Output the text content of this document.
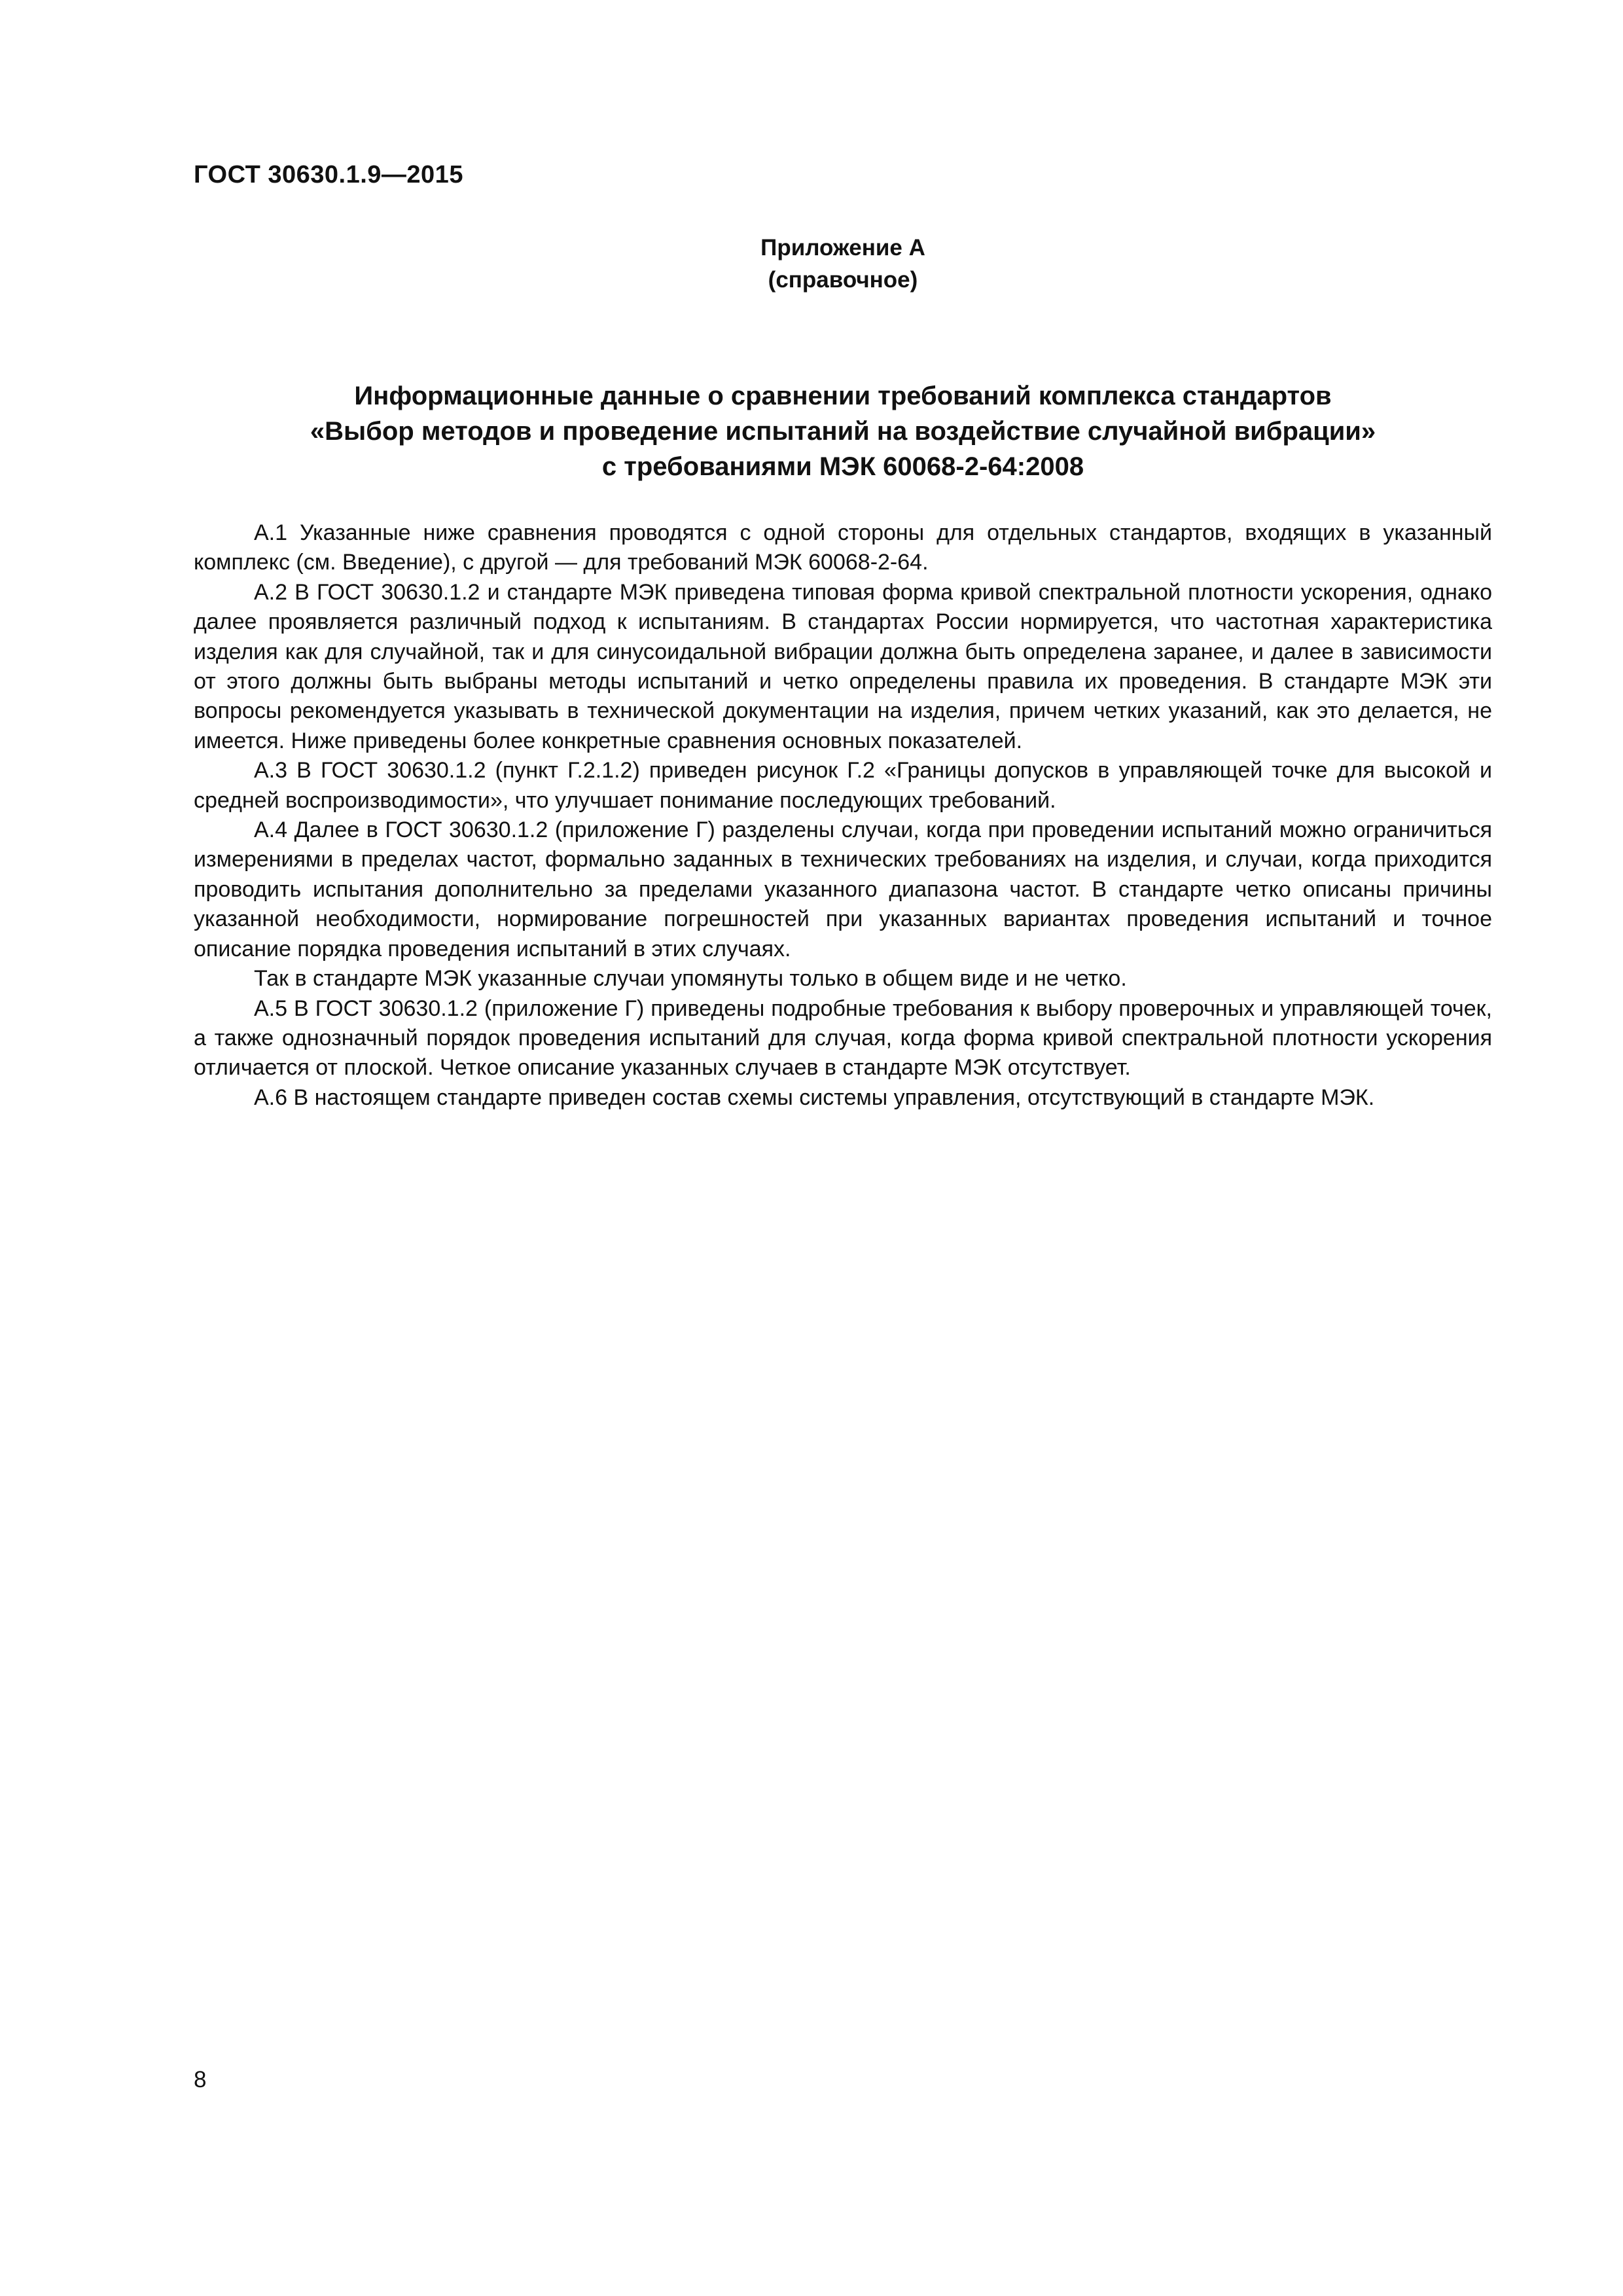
ГОСТ 30630.1.9—2015
Приложение А
(справочное)
Информационные данные о сравнении требований комплекса стандартов
«Выбор методов и проведение испытаний на воздействие случайной вибрации»
с требованиями МЭК 60068-2-64:2008

А.1 Указанные ниже сравнения проводятся с одной стороны для отдельных стандартов, входящих в указанный комплекс (см. Введение), с другой — для требований МЭК 60068-2-64.

А.2 В ГОСТ 30630.1.2 и стандарте МЭК приведена типовая форма кривой спектральной плотности ускорения, однако далее проявляется различный подход к испытаниям. В стандартах России нормируется, что частотная характеристика изделия как для случайной, так и для синусоидальной вибрации должна быть определена заранее, и далее в зависимости от этого должны быть выбраны методы испытаний и четко определены правила их проведения. В стандарте МЭК эти вопросы рекомендуется указывать в технической документации на изделия, причем четких указаний, как это делается, не имеется. Ниже приведены более конкретные сравнения основных показателей.

А.3 В ГОСТ 30630.1.2 (пункт Г.2.1.2) приведен рисунок Г.2 «Границы допусков в управляющей точке для высокой и средней воспроизводимости», что улучшает понимание последующих требований.

А.4 Далее в ГОСТ 30630.1.2 (приложение Г) разделены случаи, когда при проведении испытаний можно ограничиться измерениями в пределах частот, формально заданных в технических требованиях на изделия, и случаи, когда приходится проводить испытания дополнительно за пределами указанного диапазона частот. В стандарте четко описаны причины указанной необходимости, нормирование погрешностей при указанных вариантах проведения испытаний и точное описание порядка проведения испытаний в этих случаях.

Так в стандарте МЭК указанные случаи упомянуты только в общем виде и не четко.

А.5 В ГОСТ 30630.1.2 (приложение Г) приведены подробные требования к выбору проверочных и управляющей точек, а также однозначный порядок проведения испытаний для случая, когда форма кривой спектральной плотности ускорения отличается от плоской. Четкое описание указанных случаев в стандарте МЭК отсутствует.

А.6 В настоящем стандарте приведен состав схемы системы управления, отсутствующий в стандарте МЭК.

8
